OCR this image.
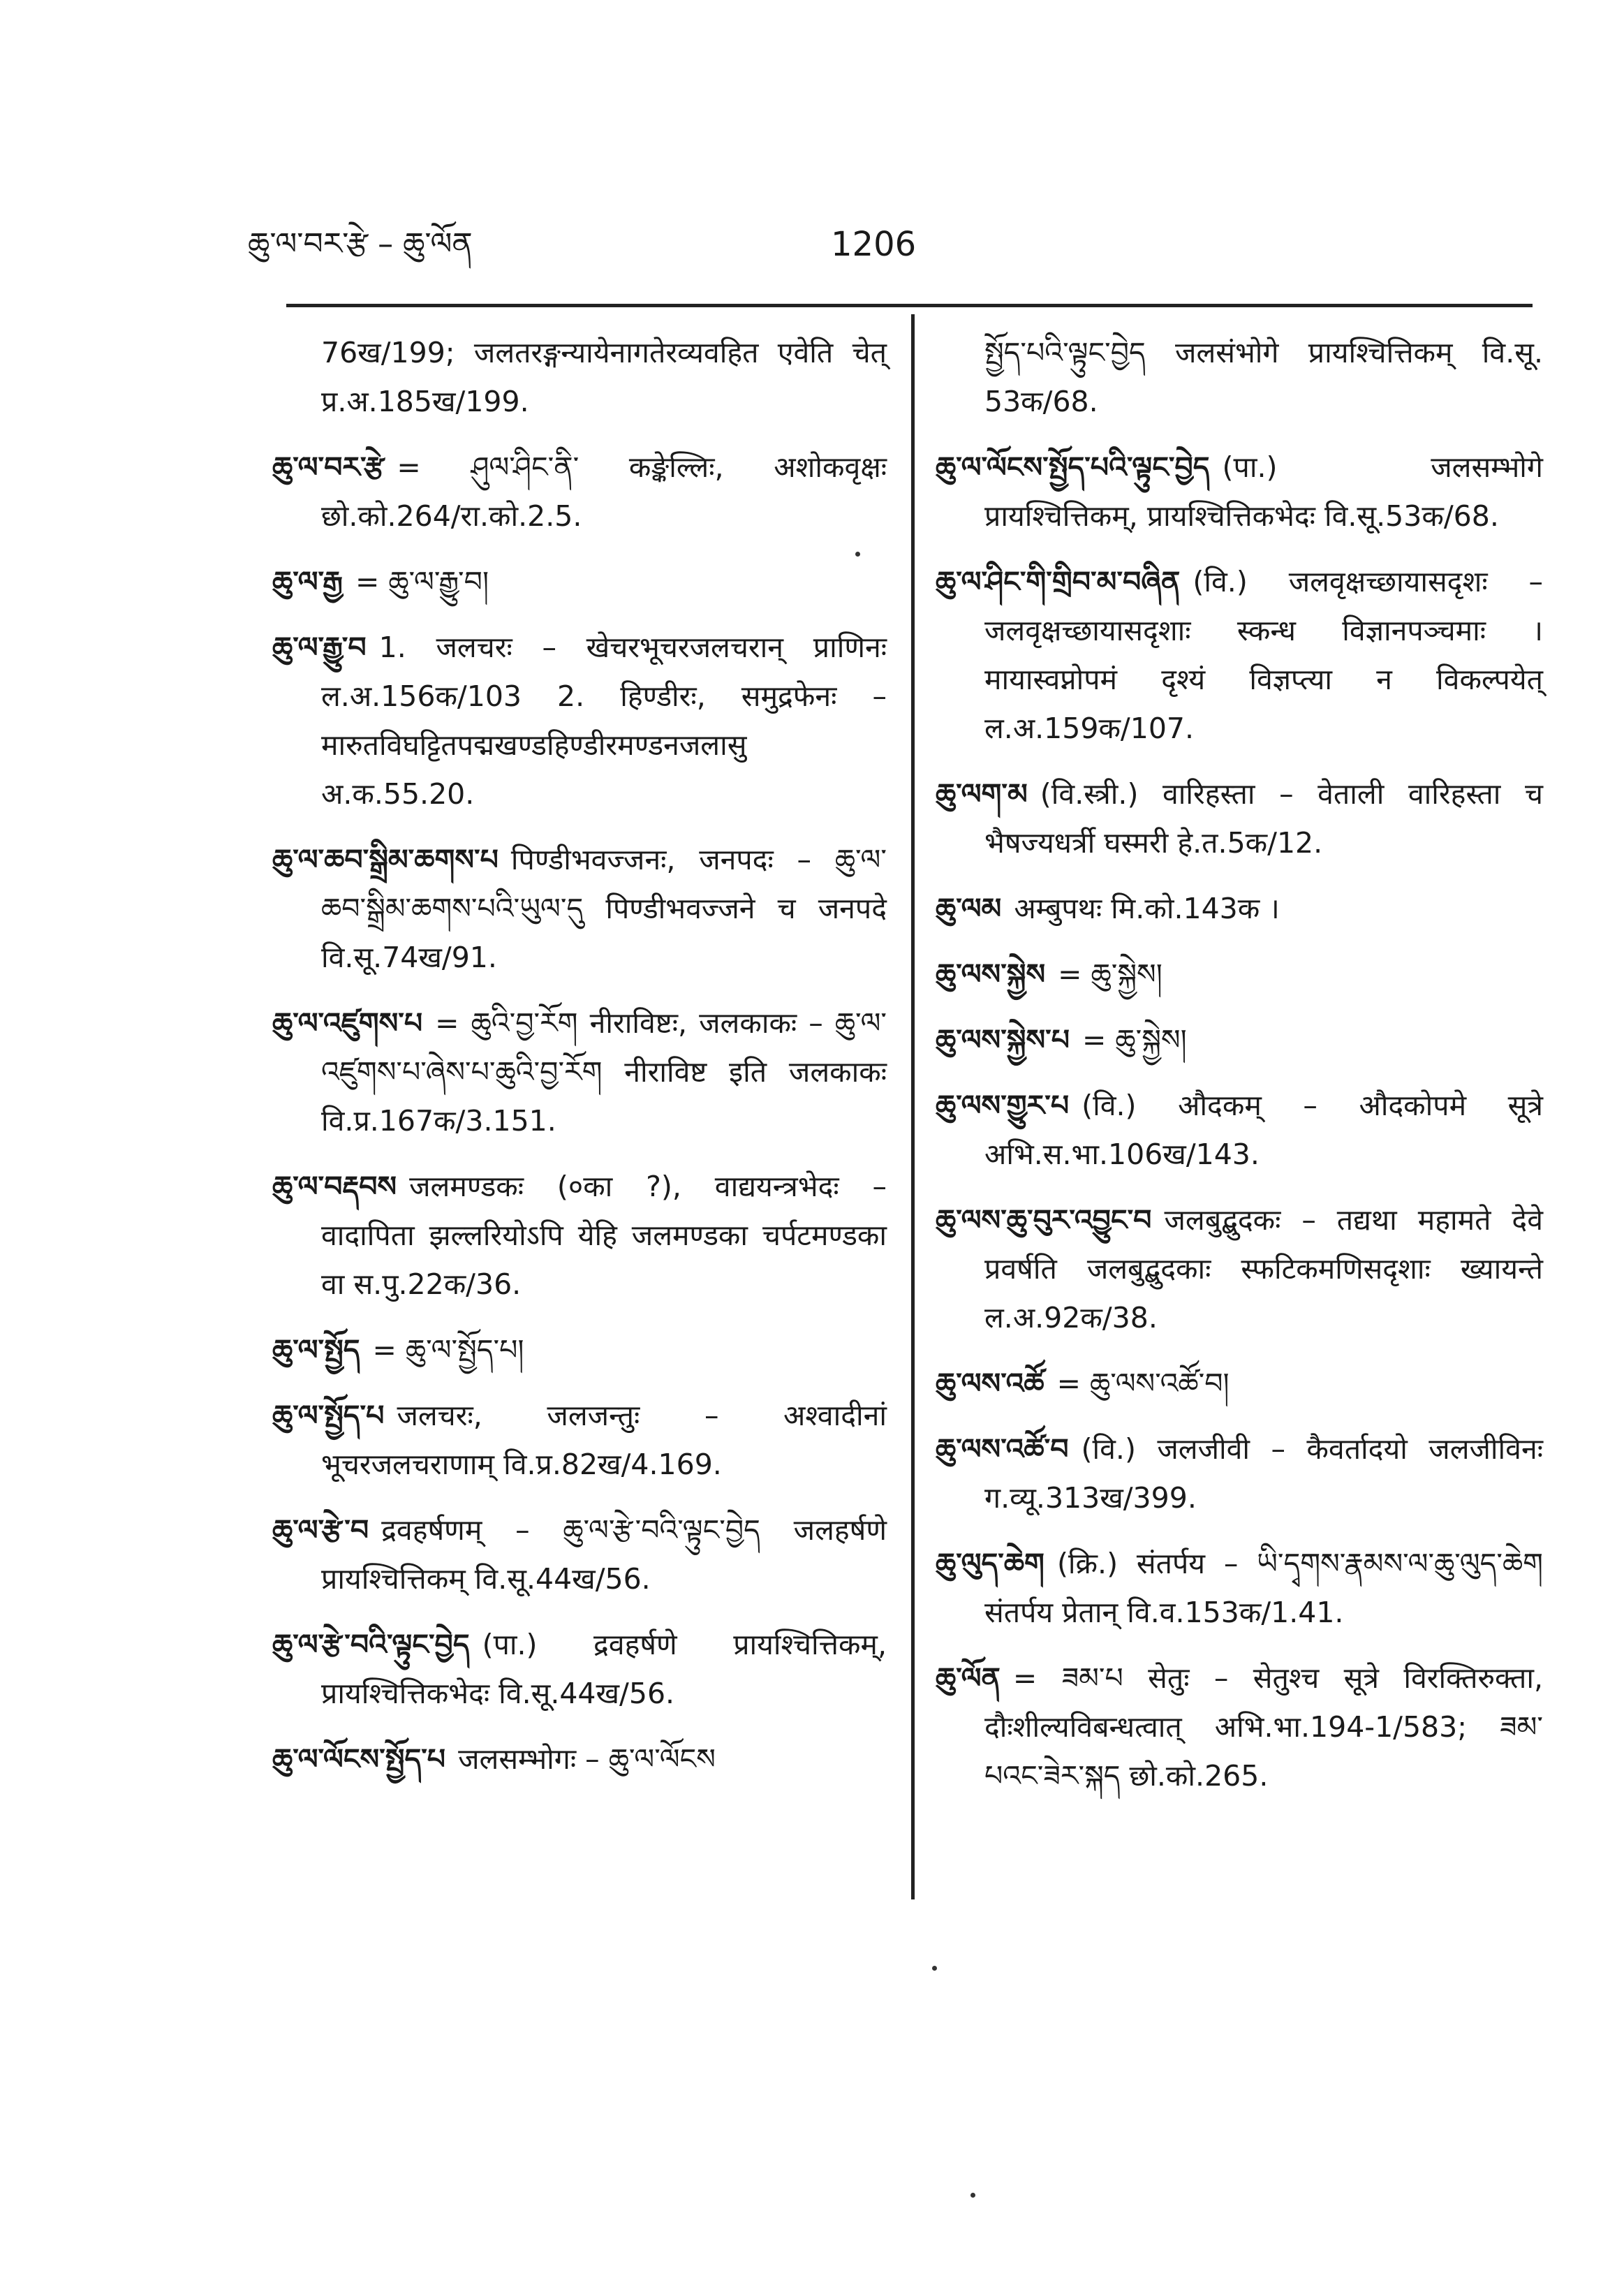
ཆུ་ལ་བར་རྩེ – ཆུ་ལོན	1206

76ख/199; जलतरङ्गन्यायेनागतेरव्यवहित एवेति चेत् प्र.अ.185ख/199.

ཆུ་ལ་བར་རྩེ = ཤུལ་ཤིང་ནི་ कङ्केल्लिः, अशोकवृक्षः छो.को.264/रा.को.2.5.

ཆུ་ལ་རྒྱ = ཆུ་ལ་རྒྱུ་བ།

ཆུ་ལ་རྒྱུ་བ 1. जलचरः – खेचरभूचरजलचरान् प्राणिनः ल.अ.156क/103 2. हिण्डीरः, समुद्रफेनः – मारुतविघट्टितपद्मखण्डहिण्डीरमण्डनजलासु अ.क.55.20.

ཆུ་ལ་ཆབ་སྒྲིམ་ཆགས་པ पिण्डीभवज्जनः, जनपदः – ཆུ་ལ་ཆབ་སྒྲིམ་ཆགས་པའི་ཡུལ་དུ पिण्डीभवज्जने च जनपदे वि.सू.74ख/91.

ཆུ་ལ་འཛུགས་པ = ཆུའི་བྱ་རོག नीराविष्टः, जलकाकः – ཆུ་ལ་འཛུགས་པ་ཞེས་པ་ཆུའི་བྱ་རོག नीराविष्ट इति जलकाकः वि.प्र.167क/3.151.

ཆུ་ལ་བརྡབས जलमण्डकः (०का ?), वाद्ययन्त्रभेदः – वादापिता झल्लरियोऽपि येहि जलमण्डका चर्पटमण्डका वा स.पु.22क/36.

ཆུ་ལ་སྤྱོད = ཆུ་ལ་སྤྱོད་པ།

ཆུ་ལ་སྤྱོད་པ जलचरः, जलजन्तुः – अश्वादीनां भूचरजलचराणाम् वि.प्र.82ख/4.169.

ཆུ་ལ་རྩེ་བ द्रवहर्षणम् – ཆུ་ལ་རྩེ་བའི་ལྟུང་བྱེད जलहर्षणे प्रायश्चित्तिकम् वि.सू.44ख/56.

ཆུ་ལ་རྩེ་བའི་ལྟུང་བྱེད (पा.) द्रवहर्षणे प्रायश्चित्तिकम्, प्रायश्चित्तिकभेदः वि.सू.44ख/56.

ཆུ་ལ་ལོངས་སྤྱོད་པ जलसम्भोगः – ཆུ་ལ་ལོངས

སྤྱོད་པའི་ལྟུང་བྱེད जलसंभोगे प्रायश्चित्तिकम् वि.सू. 53क/68.

ཆུ་ལ་ལོངས་སྤྱོད་པའི་ལྟུང་བྱེད (पा.) जलसम्भोगे प्रायश्चित्तिकम्, प्रायश्चित्तिकभेदः वि.सू.53क/68.

ཆུ་ལ་ཤིང་གི་གྲིབ་མ་བཞིན (वि.) जलवृक्षच्छायासदृशः – जलवृक्षच्छायासदृशाः स्कन्ध विज्ञानपञ्चमाः । मायास्वप्नोपमं दृश्यं विज्ञप्त्या न विकल्पयेत् ल.अ.159क/107.

ཆུ་ལག་མ (वि.स्त्री.) वारिहस्ता – वेताली वारिहस्ता च भैषज्यधर्त्री घस्मरी हे.त.5क/12.

ཆུ་ལམ अम्बुपथः मि.को.143क ।

ཆུ་ལས་སྐྱེས = ཆུ་སྐྱེས།

ཆུ་ལས་སྐྱེས་པ = ཆུ་སྐྱེས།

ཆུ་ལས་གྱུར་པ (वि.) औदकम् – औदकोपमे सूत्रे अभि.स.भा.106ख/143.

ཆུ་ལས་ཆུ་བུར་འབྱུང་བ जलबुद्बुदकः – तद्यथा महामते देवे प्रवर्षति जलबुद्बुदकाः स्फटिकमणिसदृशाः ख्यायन्ते ल.अ.92क/38.

ཆུ་ལས་འཚོ = ཆུ་ལས་འཚོ་བ།

ཆུ་ལས་འཚོ་བ (वि.) जलजीवी – कैवर्तादयो जलजीविनः ग.व्यू.313ख/399.

ཆུ་ལུད་ཆེག (क्रि.) संतर्पय – ཡི་དྭགས་རྣམས་ལ་ཆུ་ལུད་ཆེག संतर्पय प्रेतान् वि.व.153क/1.41.

ཆུ་ལོན = ཟམ་པ सेतुः – सेतुश्च सूत्रे विरक्तिरुक्ता, दौःशील्यविबन्धत्वात् अभि.भा.194-1/583; ཟམ་པའང་ཟེར་སྐད छो.को.265.
